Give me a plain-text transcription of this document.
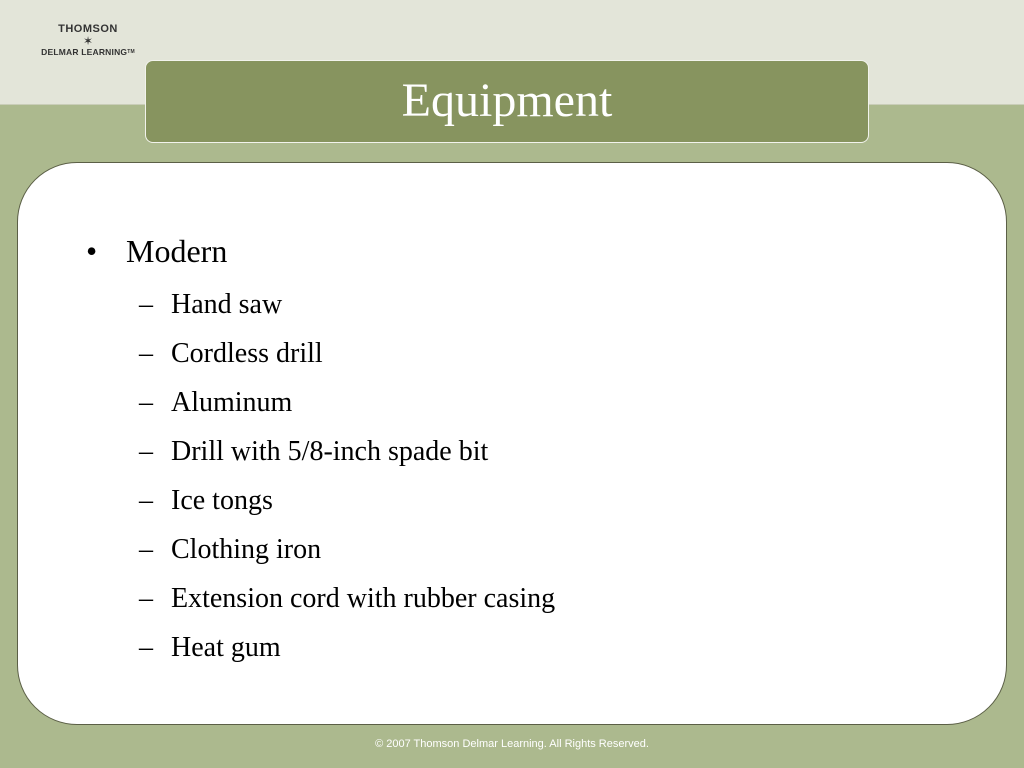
THOMSON
✶
DELMAR LEARNING™
Equipment
• Modern
– Hand saw
– Cordless drill
– Aluminum
– Drill with 5/8-inch spade bit
– Ice tongs
– Clothing iron
– Extension cord with rubber casing
– Heat gum
© 2007 Thomson Delmar Learning. All Rights Reserved.
